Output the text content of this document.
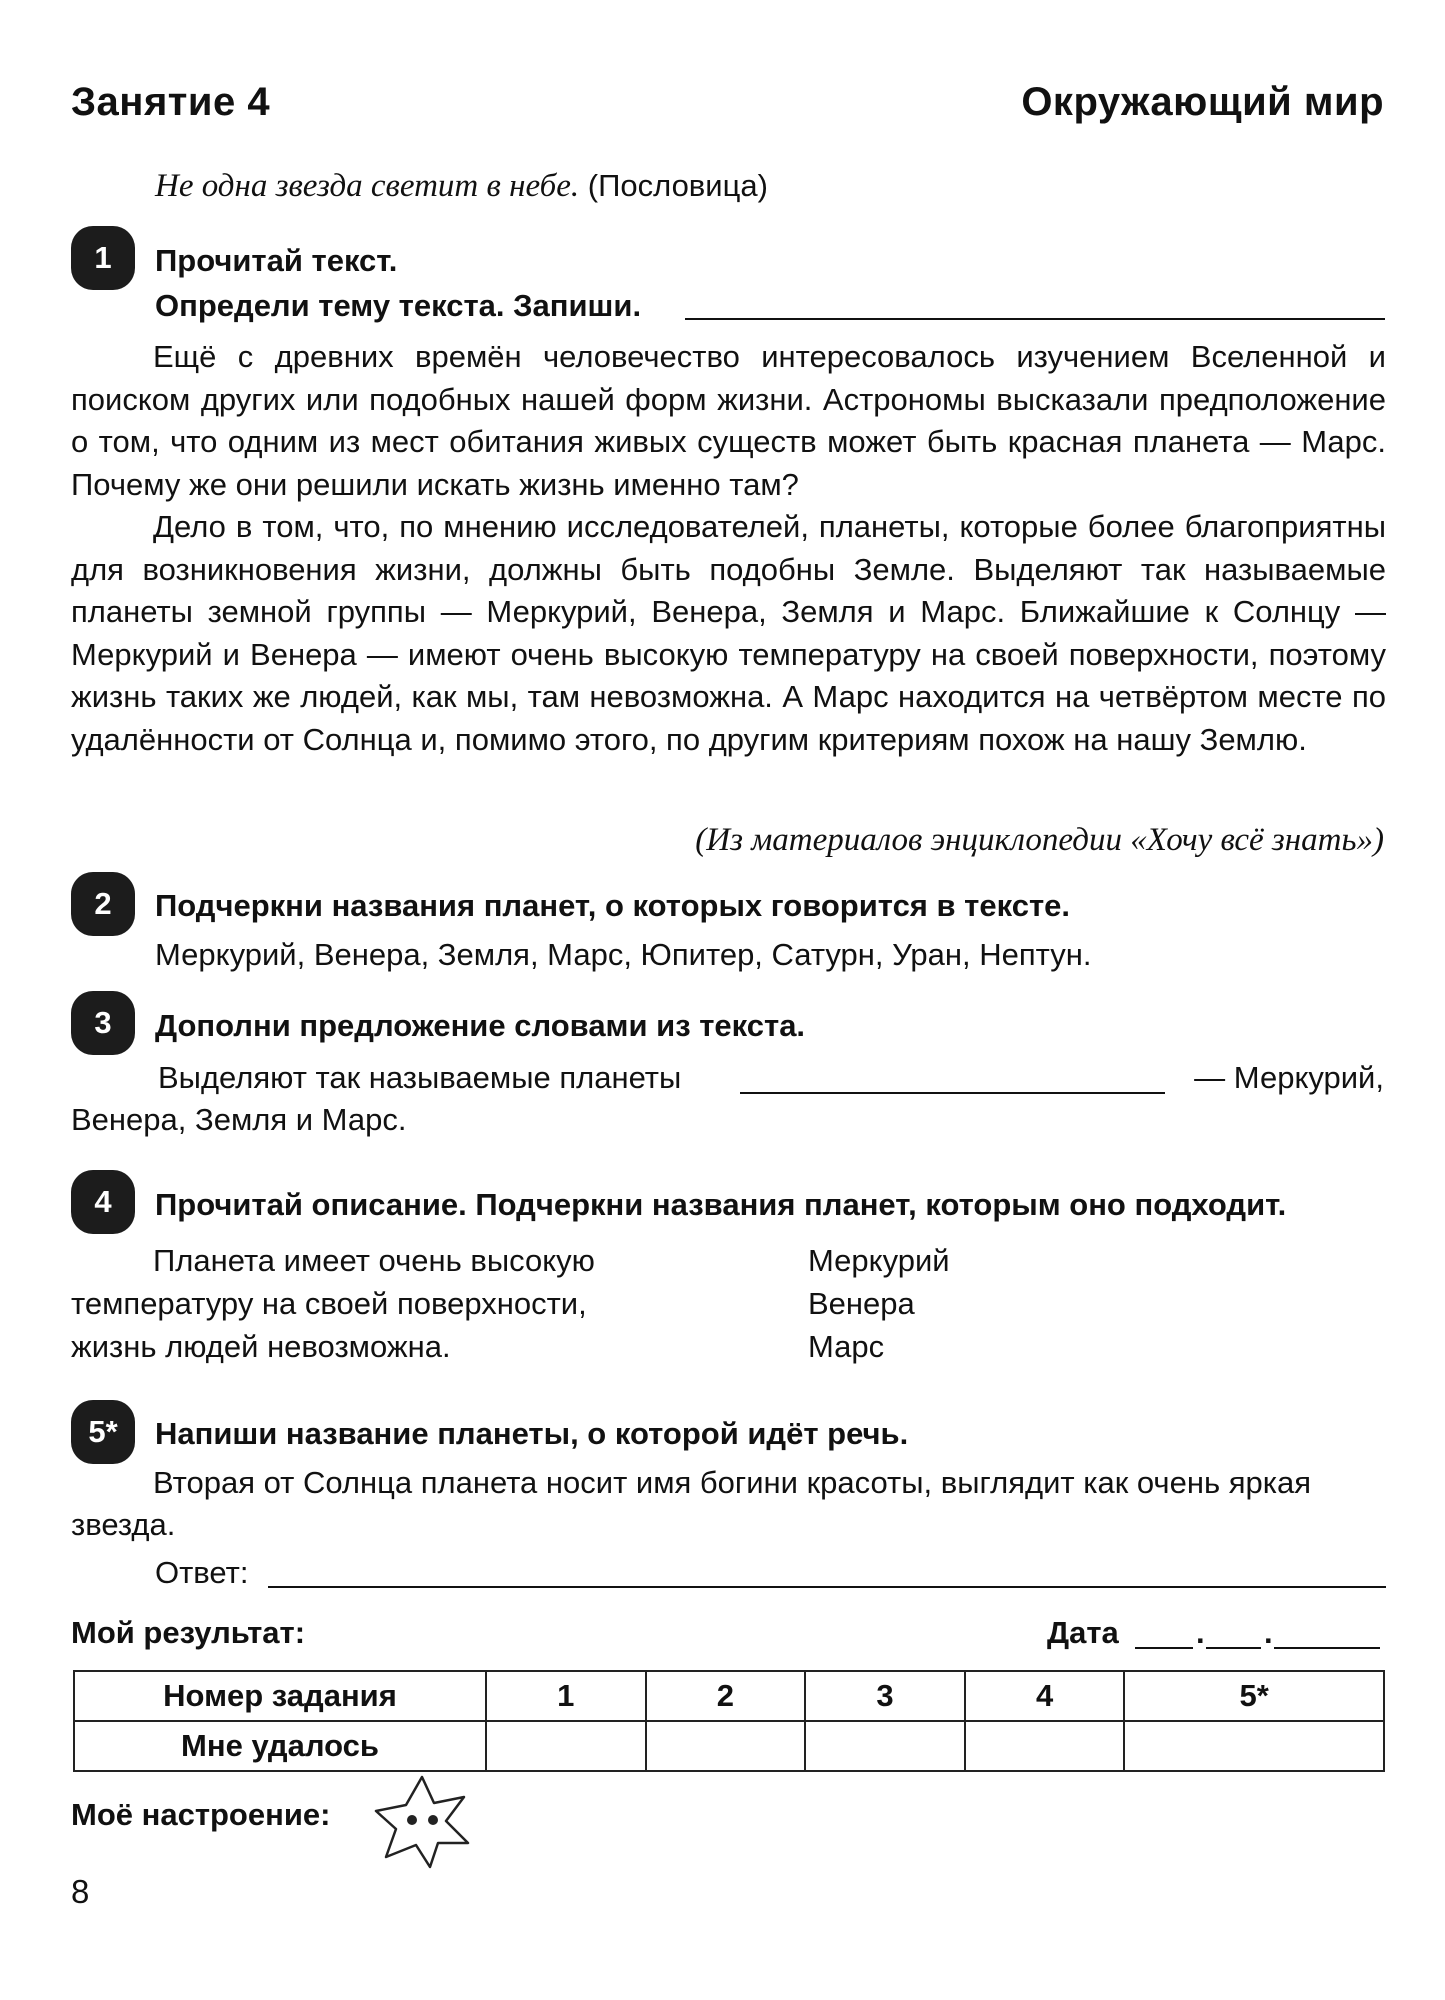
Занятие 4	Окружающий мир
Не одна звезда светит в небе. (Пословица)
1	Прочитай текст.
Определи тему текста. Запиши.

Ещё с древних времён человечество интересовалось изучением Вселенной и поиском других или подобных нашей форм жизни. Астрономы высказали предположение о том, что одним из мест обитания живых существ может быть красная планета — Марс. Почему же они решили искать жизнь именно там?

Дело в том, что, по мнению исследователей, планеты, которые более благоприятны для возникновения жизни, должны быть подобны Земле. Выделяют так называемые планеты земной группы — Меркурий, Венера, Земля и Марс. Ближайшие к Солнцу — Меркурий и Венера — имеют очень высокую температуру на своей поверхности, поэтому жизнь таких же людей, как мы, там невозможна. А Марс находится на четвёртом месте по удалённости от Солнца и, помимо этого, по другим критериям похож на нашу Землю.

(Из материалов энциклопедии «Хочу всё знать»)
2	Подчеркни названия планет, о которых говорится в тексте.
Меркурий, Венера, Земля, Марс, Юпитер, Сатурн, Уран, Нептун.
3	Дополни предложение словами из текста.
Выделяют так называемые планеты	— Меркурий,
Венера, Земля и Марс.
4	Прочитай описание. Подчеркни названия планет, которым оно подходит.
Планета имеет очень высокую
температуру на своей поверхности,
жизнь людей невозможна.
Меркурий
Венера
Марс
5*	Напиши название планеты, о которой идёт речь.

Вторая от Солнца планета носит имя богини красоты, выглядит как очень яркая звезда.

Ответ:
Мой результат:	Дата . .
Номер задания	1	2	3	4	5*
Мне удалось					
Моё настроение:
8
